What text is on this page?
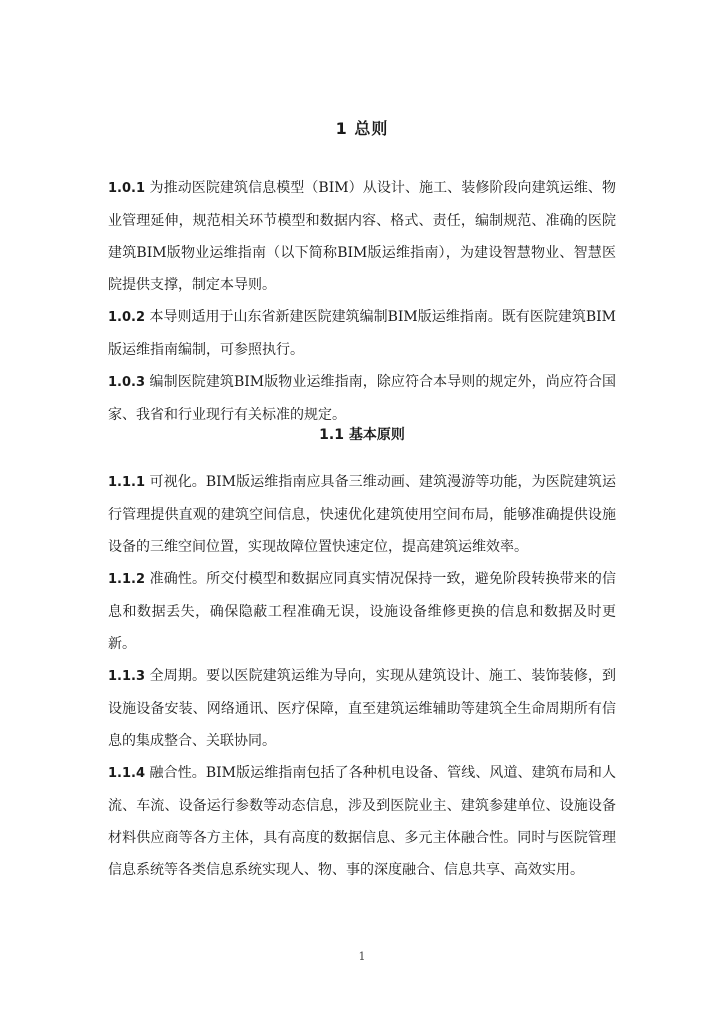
1 总则
1.0.1 为推动医院建筑信息模型（BIM）从设计、施工、装修阶段向建筑运维、物业管理延伸，规范相关环节模型和数据内容、格式、责任，编制规范、准确的医院建筑BIM版物业运维指南（以下简称BIM版运维指南），为建设智慧物业、智慧医院提供支撑，制定本导则。
1.0.2 本导则适用于山东省新建医院建筑编制BIM版运维指南。既有医院建筑BIM版运维指南编制，可参照执行。
1.0.3 编制医院建筑BIM版物业运维指南，除应符合本导则的规定外，尚应符合国家、我省和行业现行有关标准的规定。
1.1 基本原则
1.1.1 可视化。BIM版运维指南应具备三维动画、建筑漫游等功能，为医院建筑运行管理提供直观的建筑空间信息，快速优化建筑使用空间布局，能够准确提供设施设备的三维空间位置，实现故障位置快速定位，提高建筑运维效率。
1.1.2 准确性。所交付模型和数据应同真实情况保持一致，避免阶段转换带来的信息和数据丢失，确保隐蔽工程准确无误，设施设备维修更换的信息和数据及时更新。
1.1.3 全周期。要以医院建筑运维为导向，实现从建筑设计、施工、装饰装修，到设施设备安装、网络通讯、医疗保障，直至建筑运维辅助等建筑全生命周期所有信息的集成整合、关联协同。
1.1.4 融合性。BIM版运维指南包括了各种机电设备、管线、风道、建筑布局和人流、车流、设备运行参数等动态信息，涉及到医院业主、建筑参建单位、设施设备材料供应商等各方主体，具有高度的数据信息、多元主体融合性。同时与医院管理信息系统等各类信息系统实现人、物、事的深度融合、信息共享、高效实用。
1
